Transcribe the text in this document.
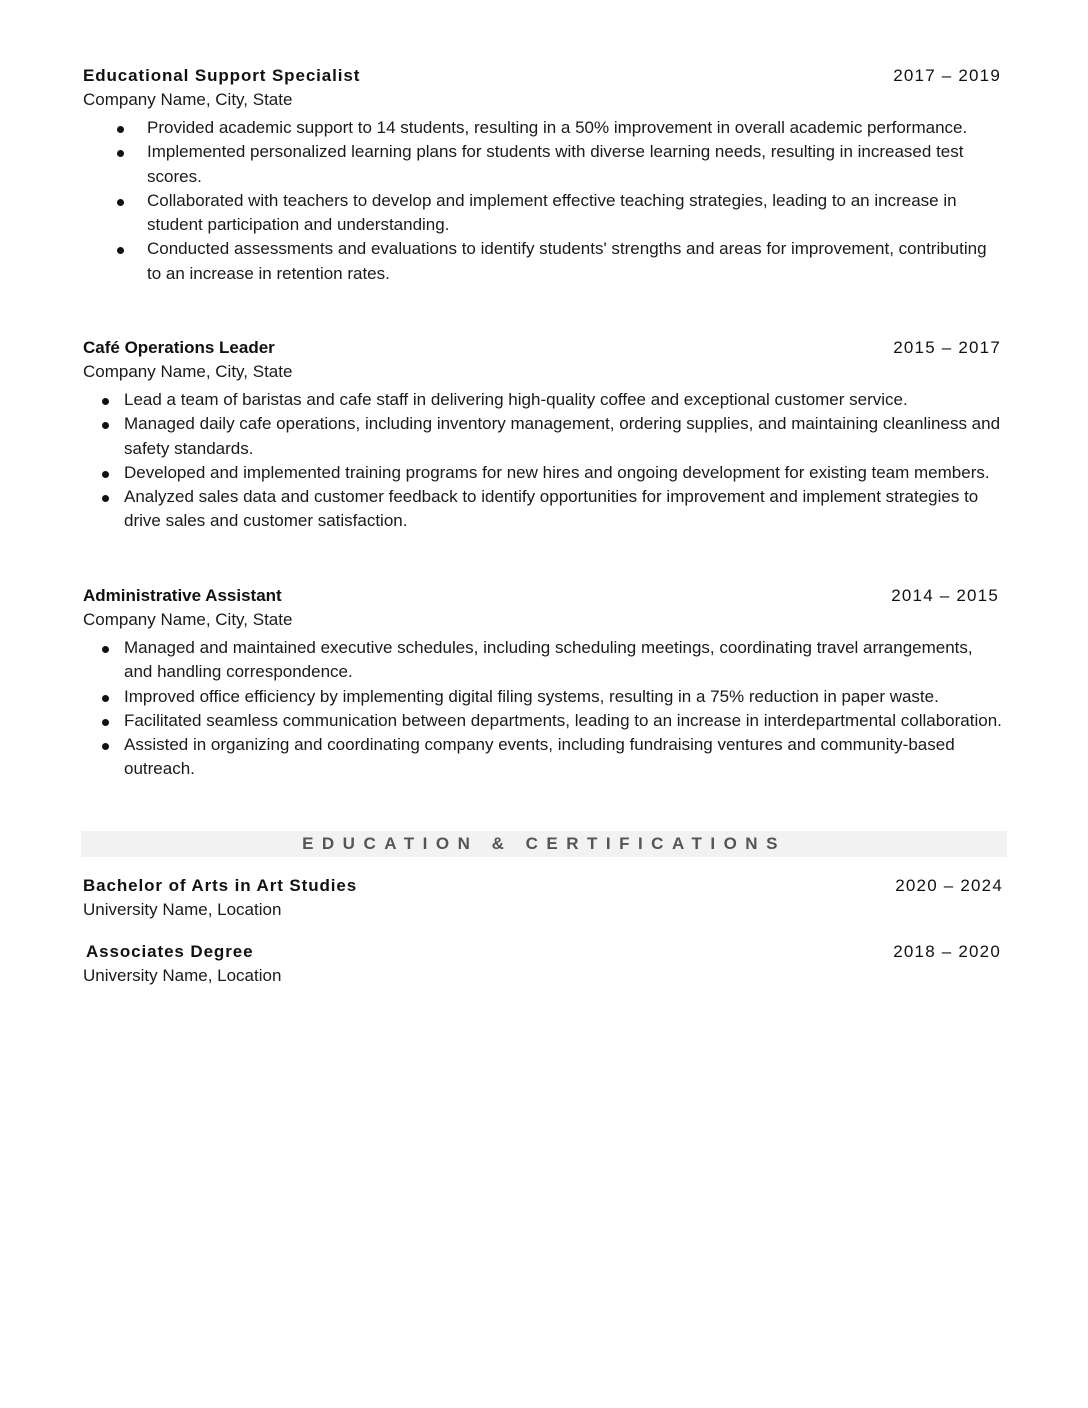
Educational Support Specialist	2017 – 2019
Company Name, City, State
Provided academic support to 14 students, resulting in a 50% improvement in overall academic performance.
Implemented personalized learning plans for students with diverse learning needs, resulting in increased test scores.
Collaborated with teachers to develop and implement effective teaching strategies, leading to an increase in student participation and understanding.
Conducted assessments and evaluations to identify students' strengths and areas for improvement, contributing to an increase in retention rates.
Café Operations Leader	2015 – 2017
Company Name, City, State
Lead a team of baristas and cafe staff in delivering high-quality coffee and exceptional customer service.
Managed daily cafe operations, including inventory management, ordering supplies, and maintaining cleanliness and safety standards.
Developed and implemented training programs for new hires and ongoing development for existing team members.
Analyzed sales data and customer feedback to identify opportunities for improvement and implement strategies to drive sales and customer satisfaction.
Administrative Assistant	2014 – 2015
Company Name, City, State
Managed and maintained executive schedules, including scheduling meetings, coordinating travel arrangements, and handling correspondence.
Improved office efficiency by implementing digital filing systems, resulting in a 75% reduction in paper waste.
Facilitated seamless communication between departments, leading to an increase in interdepartmental collaboration.
Assisted in organizing and coordinating company events, including fundraising ventures and community-based outreach.
EDUCATION & CERTIFICATIONS
Bachelor of Arts in Art Studies	2020 – 2024
University Name, Location
Associates Degree	2018 – 2020
University Name, Location
